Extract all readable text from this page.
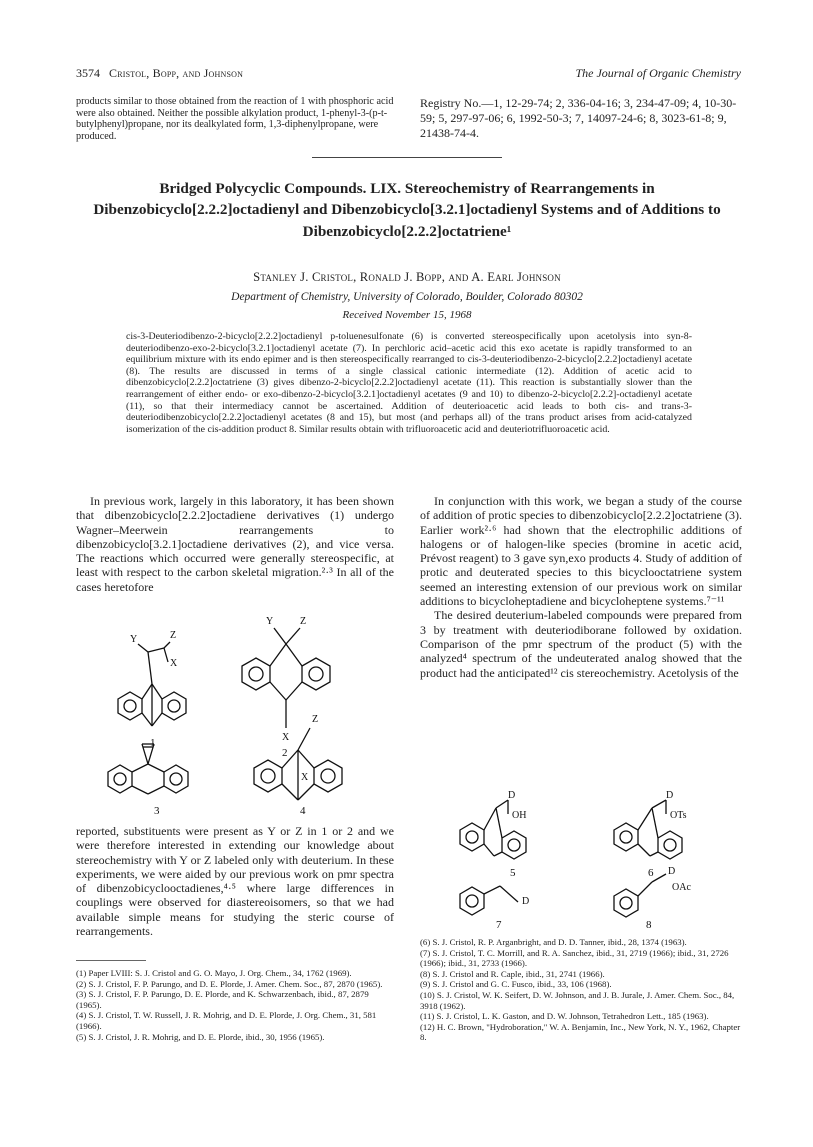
3574 Cristol, Bopp, and Johnson	The Journal of Organic Chemistry
products similar to those obtained from the reaction of 1 with phosphoric acid were also obtained. Neither the possible alkylation product, 1-phenyl-3-(p-t-butylphenyl)propane, nor its dealkylated form, 1,3-diphenylpropane, were produced.
Registry No.—1, 12-29-74; 2, 336-04-16; 3, 234-47-09; 4, 10-30-59; 5, 297-97-06; 6, 1992-50-3; 7, 14097-24-6; 8, 3023-61-8; 9, 21438-74-4.
Bridged Polycyclic Compounds. LIX. Stereochemistry of Rearrangements in Dibenzobicyclo[2.2.2]octadienyl and Dibenzobicyclo[3.2.1]octadienyl Systems and of Additions to Dibenzobicyclo[2.2.2]octatriene¹
Stanley J. Cristol, Ronald J. Bopp, and A. Earl Johnson
Department of Chemistry, University of Colorado, Boulder, Colorado 80302
Received November 15, 1968
cis-3-Deuteriodibenzo-2-bicyclo[2.2.2]octadienyl p-toluenesulfonate (6) is converted stereospecifically upon acetolysis into syn-8-deuteriodibenzo-exo-2-bicyclo[3.2.1]octadienyl acetate (7). In perchloric acid–acetic acid this exo acetate is rapidly transformed to an equilibrium mixture with its endo epimer and is then stereospecifically rearranged to cis-3-deuteriodibenzo-2-bicyclo[2.2.2]octadienyl acetate (8). The results are discussed in terms of a single classical cationic intermediate (12). Addition of acetic acid to dibenzobicyclo[2.2.2]octatriene (3) gives dibenzo-2-bicyclo[2.2.2]octadienyl acetate (11). This reaction is substantially slower than the rearrangement of either endo- or exo-dibenzo-2-bicyclo[3.2.1]octadienyl acetates (9 and 10) to dibenzo-2-bicyclo[2.2.2]-octadienyl acetate (11), so that their intermediacy cannot be ascertained. Addition of deuterioacetic acid leads to both cis- and trans-3-deuteriodibenzobicyclo[2.2.2]octadienyl acetates (8 and 15), but most (and perhaps all) of the trans product arises from acid-catalyzed isomerization of the cis-addition product 8. Similar results obtain with trifluoroacetic acid and deuteriotrifluoroacetic acid.

In previous work, largely in this laboratory, it has been shown that dibenzobicyclo[2.2.2]octadiene derivatives (1) undergo Wagner–Meerwein rearrangements to dibenzobicyclo[3.2.1]octadiene derivatives (2), and vice versa. The reactions which occurred were generally stereospecific, at least with respect to the carbon skeletal migration.²·³ In all of the cases heretofore

Y	Z
X
1
Y	Z
X
2
3
Z
X
4

reported, substituents were present as Y or Z in 1 or 2 and we were therefore interested in extending our knowledge about stereochemistry with Y or Z labeled only with deuterium. In these experiments, we were aided by our previous work on pmr spectra of dibenzobicyclooctadienes,⁴·⁵ where large differences in couplings were observed for diastereoisomers, so that we had available simple means for studying the steric course of rearrangements.

In conjunction with this work, we began a study of the course of addition of protic species to dibenzobicyclo[2.2.2]octatriene (3). Earlier work²·⁶ had shown that the electrophilic additions of halogens or of halogen-like species (bromine in acetic acid, Prévost reagent) to 3 gave syn,exo products 4. Study of addition of protic and deuterated species to this bicyclooctatriene system seemed an interesting extension of our previous work on similar additions to bicycloheptadiene and bicycloheptene systems.⁷⁻¹¹

The desired deuterium-labeled compounds were prepared from 3 by treatment with deuteriodiborane followed by oxidation. Comparison of the pmr spectrum of the product (5) with the analyzed⁴ spectrum of the undeuterated analog showed that the product had the anticipated¹² cis stereochemistry. Acetolysis of the

D
OH
5
D
OTs
6
D
7
D
OAc
8

(1) Paper LVIII: S. J. Cristol and G. O. Mayo, J. Org. Chem., 34, 1762 (1969).

(2) S. J. Cristol, F. P. Parungo, and D. E. Plorde, J. Amer. Chem. Soc., 87, 2870 (1965).

(3) S. J. Cristol, F. P. Parungo, D. E. Plorde, and K. Schwarzenbach, ibid., 87, 2879 (1965).

(4) S. J. Cristol, T. W. Russell, J. R. Mohrig, and D. E. Plorde, J. Org. Chem., 31, 581 (1966).

(5) S. J. Cristol, J. R. Mohrig, and D. E. Plorde, ibid., 30, 1956 (1965).

(6) S. J. Cristol, R. P. Arganbright, and D. D. Tanner, ibid., 28, 1374 (1963).

(7) S. J. Cristol, T. C. Morrill, and R. A. Sanchez, ibid., 31, 2719 (1966); ibid., 31, 2726 (1966); ibid., 31, 2733 (1966).

(8) S. J. Cristol and R. Caple, ibid., 31, 2741 (1966).

(9) S. J. Cristol and G. C. Fusco, ibid., 33, 106 (1968).

(10) S. J. Cristol, W. K. Seifert, D. W. Johnson, and J. B. Jurale, J. Amer. Chem. Soc., 84, 3918 (1962).

(11) S. J. Cristol, L. K. Gaston, and D. W. Johnson, Tetrahedron Lett., 185 (1963).

(12) H. C. Brown, "Hydroboration," W. A. Benjamin, Inc., New York, N. Y., 1962, Chapter 8.
